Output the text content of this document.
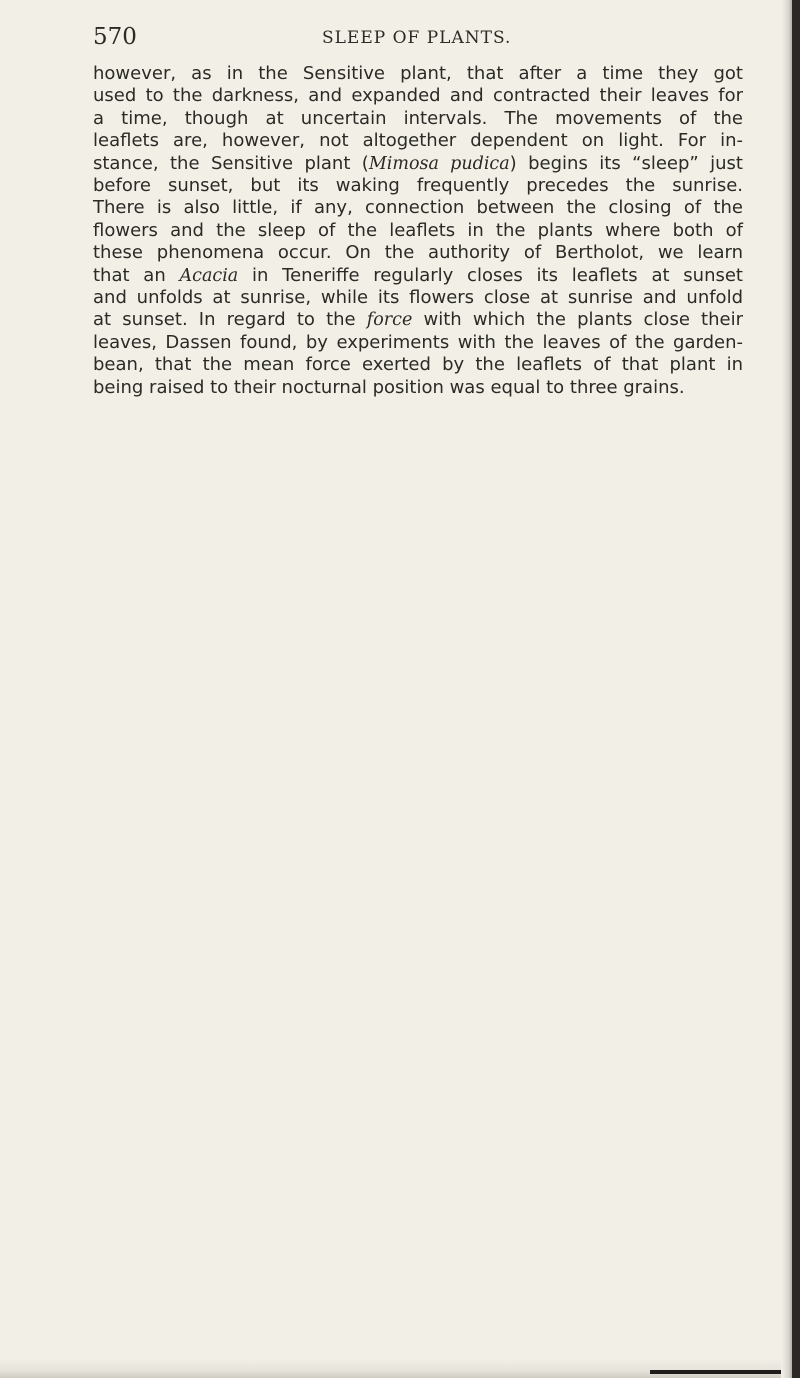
570	SLEEP OF PLANTS.
however, as in the Sensitive plant, that after a time they got
used to the darkness, and expanded and contracted their leaves for
a time, though at uncertain intervals. The movements of the
leaflets are, however, not altogether dependent on light. For in-
stance, the Sensitive plant (Mimosa pudica) begins its “sleep” just
before sunset, but its waking frequently precedes the sunrise.
There is also little, if any, connection between the closing of the
flowers and the sleep of the leaflets in the plants where both of
these phenomena occur. On the authority of Bertholot, we learn
that an Acacia in Teneriffe regularly closes its leaflets at sunset
and unfolds at sunrise, while its flowers close at sunrise and unfold
at sunset. In regard to the force with which the plants close their
leaves, Dassen found, by experiments with the leaves of the garden-
bean, that the mean force exerted by the leaflets of that plant in
being raised to their nocturnal position was equal to three grains.
